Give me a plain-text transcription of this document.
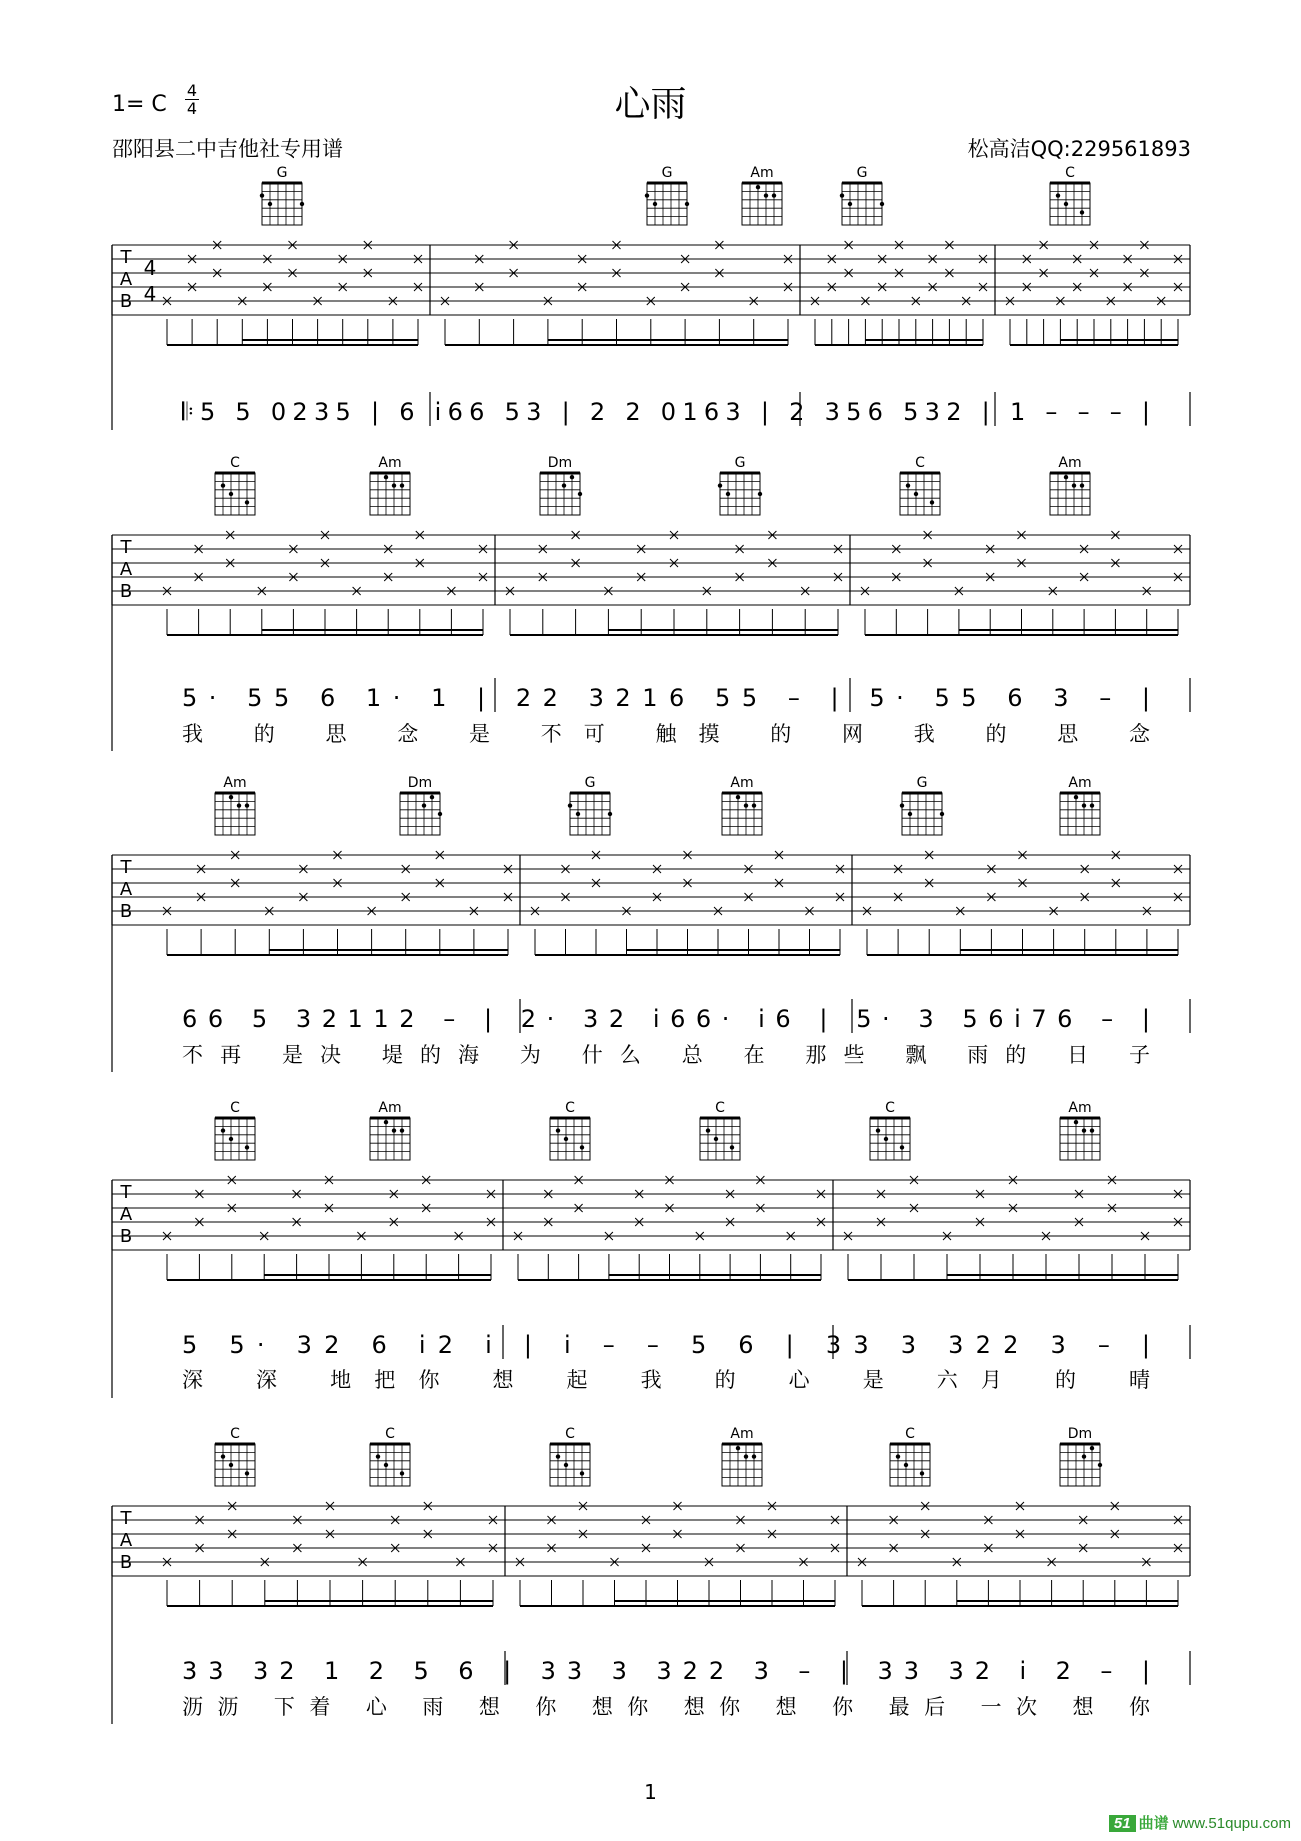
心雨
1= C
4
4
邵阳县二中吉他社专用谱	松高洁QQ:229561893
G	G	Am	G	C
T
A
B
4
4
𝄆5 5 0235 | 6 i66 53 | 2 2 0163 | 2 356 532 | 1 – – – |
C	Am	Dm	G	C	Am
T
A
B
5· 55 6 1· 1 | 22 3216 55 – | 5· 55 6 3 – |
我 的 思 念 是 不可 触摸 的 网 我 的 思 念
Am	Dm	G	Am	G	Am
T
A
B
66 5 32112 – | 2· 32 i66· i6 | 5· 3 56i76 – |
不再 是决 堤的海 为 什么 总 在 那些 飘 雨的 日 子
C	Am	C	C	C	Am
T
A
B
5 5· 32 6 i2 i | i – – 5 6 | 33 3 322 3 – |
深 深 地把你 想 起 我 的 心 是 六月 的 晴
C	C	C	Am	C	Dm
T
A
B
33 32 1 2 5 6 | 33 3 322 3 – | 33 32 i 2 – |
沥沥 下着 心 雨 想 你 想你 想你 想 你 最后 一次 想 你
1
51 曲谱 www.51qupu.com
